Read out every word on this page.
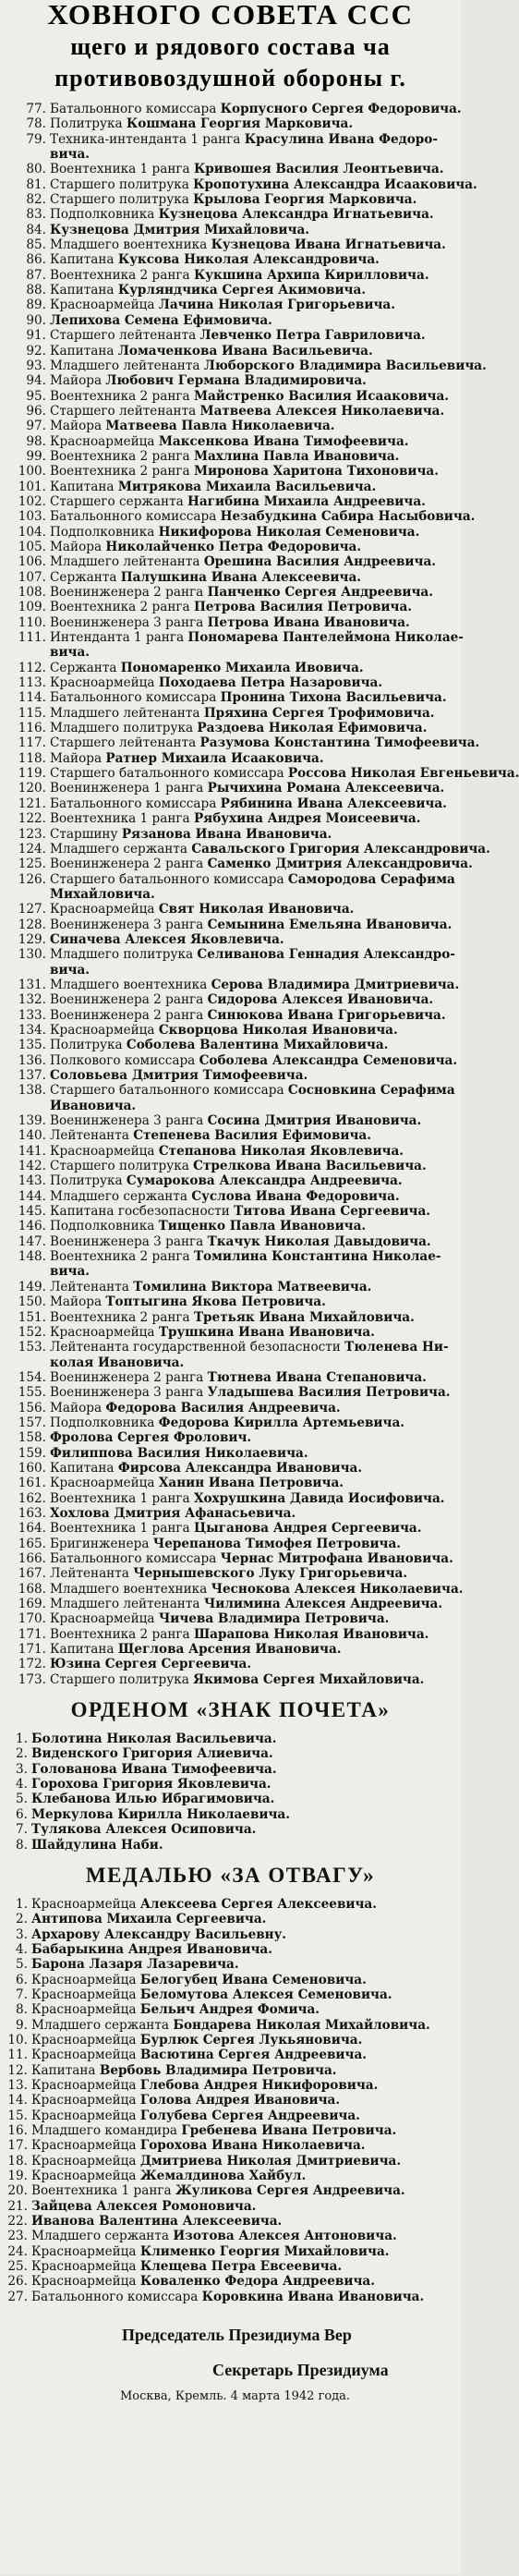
ХОВНОГО СОВЕТА ССС
щего и рядового состава ча
противовоздушной обороны г.
77. Батальонного комиссара Корпусного Сергея Федоровича.
78. Политрука Кошмана Георгия Марковича.
79. Техника-интенданта 1 ранга Красулина Ивана Федоро-
вича.
80. Воентехника 1 ранга Кривошея Василия Леонтьевича.
81. Старшего политрука Кропотухина Александра Исааковича.
82. Старшего политрука Крылова Георгия Марковича.
83. Подполковника Кузнецова Александра Игнатьевича.
84. Кузнецова Дмитрия Михайловича.
85. Младшего воентехника Кузнецова Ивана Игнатьевича.
86. Капитана Куксова Николая Александровича.
87. Воентехника 2 ранга Кукшина Архипа Кирилловича.
88. Капитана Курляндчика Сергея Акимовича.
89. Красноармейца Лачина Николая Григорьевича.
90. Лепихова Семена Ефимовича.
91. Старшего лейтенанта Левченко Петра Гавриловича.
92. Капитана Ломаченкова Ивана Васильевича.
93. Младшего лейтенанта Люборского Владимира Васильевича.
94. Майора Любович Германа Владимировича.
95. Воентехника 2 ранга Майстренко Василия Исааковича.
96. Старшего лейтенанта Матвеева Алексея Николаевича.
97. Майора Матвеева Павла Николаевича.
98. Красноармейца Максенкова Ивана Тимофеевича.
99. Воентехника 2 ранга Махлина Павла Ивановича.
100. Воентехника 2 ранга Миронова Харитона Тихоновича.
101. Капитана Митрякова Михаила Васильевича.
102. Старшего сержанта Нагибина Михаила Андреевича.
103. Батальонного комиссара Незабудкина Сабира Насыбовича.
104. Подполковника Никифорова Николая Семеновича.
105. Майора Николайченко Петра Федоровича.
106. Младшего лейтенанта Орешина Василия Андреевича.
107. Сержанта Палушкина Ивана Алексеевича.
108. Военинженера 2 ранга Панченко Сергея Андреевича.
109. Воентехника 2 ранга Петрова Василия Петровича.
110. Военинженера 3 ранга Петрова Ивана Ивановича.
111. Интенданта 1 ранга Пономарева Пантелеймона Николае-
вича.
112. Сержанта Пономаренко Михаила Ивовича.
113. Красноармейца Походаева Петра Назаровича.
114. Батальонного комиссара Пронина Тихона Васильевича.
115. Младшего лейтенанта Пряхина Сергея Трофимовича.
116. Младшего политрука Раздоева Николая Ефимовича.
117. Старшего лейтенанта Разумова Константина Тимофеевича.
118. Майора Ратнер Михаила Исааковича.
119. Старшего батальонного комиссара Россова Николая Евгеньевича.
120. Военинженера 1 ранга Рычихина Романа Алексеевича.
121. Батальонного комиссара Рябинина Ивана Алексеевича.
122. Воентехника 1 ранга Рябухина Андрея Моисеевича.
123. Старшину Рязанова Ивана Ивановича.
124. Младшего сержанта Савальского Григория Александровича.
125. Военинженера 2 ранга Саменко Дмитрия Александровича.
126. Старшего батальонного комиссара Самородова Серафима
Михайловича.
127. Красноармейца Свят Николая Ивановича.
128. Военинженера 3 ранга Семынина Емельяна Ивановича.
129. Синачева Алексея Яковлевича.
130. Младшего политрука Селиванова Геннадия Александро-
вича.
131. Младшего воентехника Серова Владимира Дмитриевича.
132. Военинженера 2 ранга Сидорова Алексея Ивановича.
133. Военинженера 2 ранга Синюкова Ивана Григорьевича.
134. Красноармейца Скворцова Николая Ивановича.
135. Политрука Соболева Валентина Михайловича.
136. Полкового комиссара Соболева Александра Семеновича.
137. Соловьева Дмитрия Тимофеевича.
138. Старшего батальонного комиссара Сосновкина Серафима
Ивановича.
139. Военинженера 3 ранга Сосина Дмитрия Ивановича.
140. Лейтенанта Степенева Василия Ефимовича.
141. Красноармейца Степанова Николая Яковлевича.
142. Старшего политрука Стрелкова Ивана Васильевича.
143. Политрука Сумарокова Александра Андреевича.
144. Младшего сержанта Суслова Ивана Федоровича.
145. Капитана госбезопасности Титова Ивана Сергеевича.
146. Подполковника Тищенко Павла Ивановича.
147. Военинженера 3 ранга Ткачук Николая Давыдовича.
148. Воентехника 2 ранга Томилина Константина Николае-
вича.
149. Лейтенанта Томилина Виктора Матвеевича.
150. Майора Топтыгина Якова Петровича.
151. Воентехника 2 ранга Третьяк Ивана Михайловича.
152. Красноармейца Трушкина Ивана Ивановича.
153. Лейтенанта государственной безопасности Тюленева Ни-
колая Ивановича.
154. Военинженера 2 ранга Тютнева Ивана Степановича.
155. Военинженера 3 ранга Уладышева Василия Петровича.
156. Майора Федорова Василия Андреевича.
157. Подполковника Федорова Кирилла Артемьевича.
158. Фролова Сергея Фролович.
159. Филиппова Василия Николаевича.
160. Капитана Фирсова Александра Ивановича.
161. Красноармейца Ханин Ивана Петровича.
162. Воентехника 1 ранга Хохрушкина Давида Иосифовича.
163. Хохлова Дмитрия Афанасьевича.
164. Воентехника 1 ранга Цыганова Андрея Сергеевича.
165. Бригинженера Черепанова Тимофея Петровича.
166. Батальонного комиссара Чернас Митрофана Ивановича.
167. Лейтенанта Чернышевского Луку Григорьевича.
168. Младшего воентехника Чеснокова Алексея Николаевича.
169. Младшего лейтенанта Чилимина Алексея Андреевича.
170. Красноармейца Чичева Владимира Петровича.
171. Воентехника 2 ранга Шарапова Николая Ивановича.
171. Капитана Щеглова Арсения Ивановича.
172. Юзина Сергея Сергеевича.
173. Старшего политрука Якимова Сергея Михайловича.
ОРДЕНОМ «ЗНАК ПОЧЕТА»
1. Болотина Николая Васильевича.
2. Виденского Григория Алиевича.
3. Голованова Ивана Тимофеевича.
4. Горохова Григория Яковлевича.
5. Клебанова Илью Ибрагимовича.
6. Меркулова Кирилла Николаевича.
7. Тулякова Алексея Осиповича.
8. Шайдулина Наби.
МЕДАЛЬЮ «ЗА ОТВАГУ»
1. Красноармейца Алексеева Сергея Алексеевича.
2. Антипова Михаила Сергеевича.
3. Архарову Александру Васильевну.
4. Бабарыкина Андрея Ивановича.
5. Барона Лазаря Лазаревича.
6. Красноармейца Белогубец Ивана Семеновича.
7. Красноармейца Беломутова Алексея Семеновича.
8. Красноармейца Бельич Андрея Фомича.
9. Младшего сержанта Бондарева Николая Михайловича.
10. Красноармейца Бурлюк Сергея Лукьяновича.
11. Красноармейца Васютина Сергея Андреевича.
12. Капитана Вербовь Владимира Петровича.
13. Красноармейца Глебова Андрея Никифоровича.
14. Красноармейца Голова Андрея Ивановича.
15. Красноармейца Голубева Сергея Андреевича.
16. Младшего командира Гребенева Ивана Петровича.
17. Красноармейца Горохова Ивана Николаевича.
18. Красноармейца Дмитриева Николая Дмитриевича.
19. Красноармейца Жемалдинова Хайбул.
20. Воентехника 1 ранга Жуликова Сергея Андреевича.
21. Зайцева Алексея Ромоновича.
22. Иванова Валентина Алексеевича.
23. Младшего сержанта Изотова Алексея Антоновича.
24. Красноармейца Клименко Георгия Михайловича.
25. Красноармейца Клещева Петра Евсеевича.
26. Красноармейца Коваленко Федора Андреевича.
27. Батальонного комиссара Коровкина Ивана Ивановича.
Председатель Президиума Вер
Секретарь Президиума
Москва, Кремль. 4 марта 1942 года.
